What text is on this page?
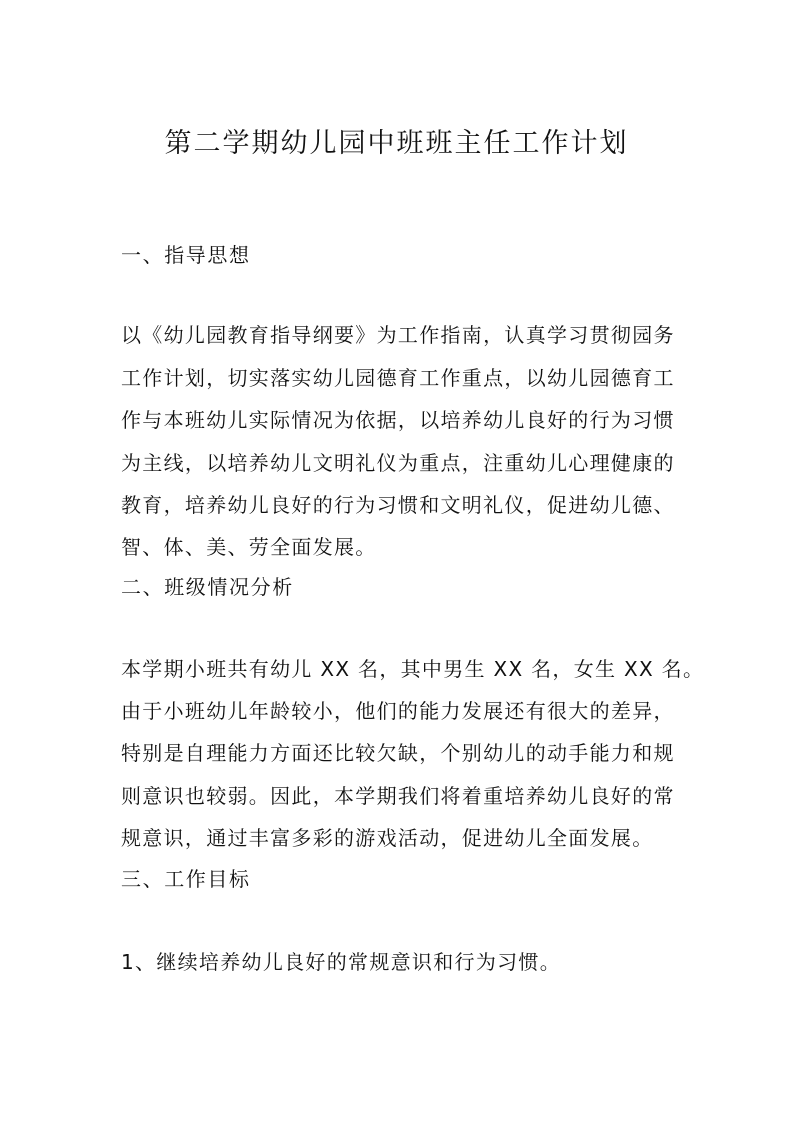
第二学期幼儿园中班班主任工作计划
一、指导思想
以《幼儿园教育指导纲要》为工作指南，认真学习贯彻园务
工作计划，切实落实幼儿园德育工作重点，以幼儿园德育工
作与本班幼儿实际情况为依据，以培养幼儿良好的行为习惯
为主线，以培养幼儿文明礼仪为重点，注重幼儿心理健康的
教育，培养幼儿良好的行为习惯和文明礼仪，促进幼儿德、
智、体、美、劳全面发展。
二、班级情况分析
本学期小班共有幼儿 XX 名，其中男生 XX 名，女生 XX 名。
由于小班幼儿年龄较小，他们的能力发展还有很大的差异，
特别是自理能力方面还比较欠缺，个别幼儿的动手能力和规
则意识也较弱。因此，本学期我们将着重培养幼儿良好的常
规意识，通过丰富多彩的游戏活动，促进幼儿全面发展。
三、工作目标
1、继续培养幼儿良好的常规意识和行为习惯。
